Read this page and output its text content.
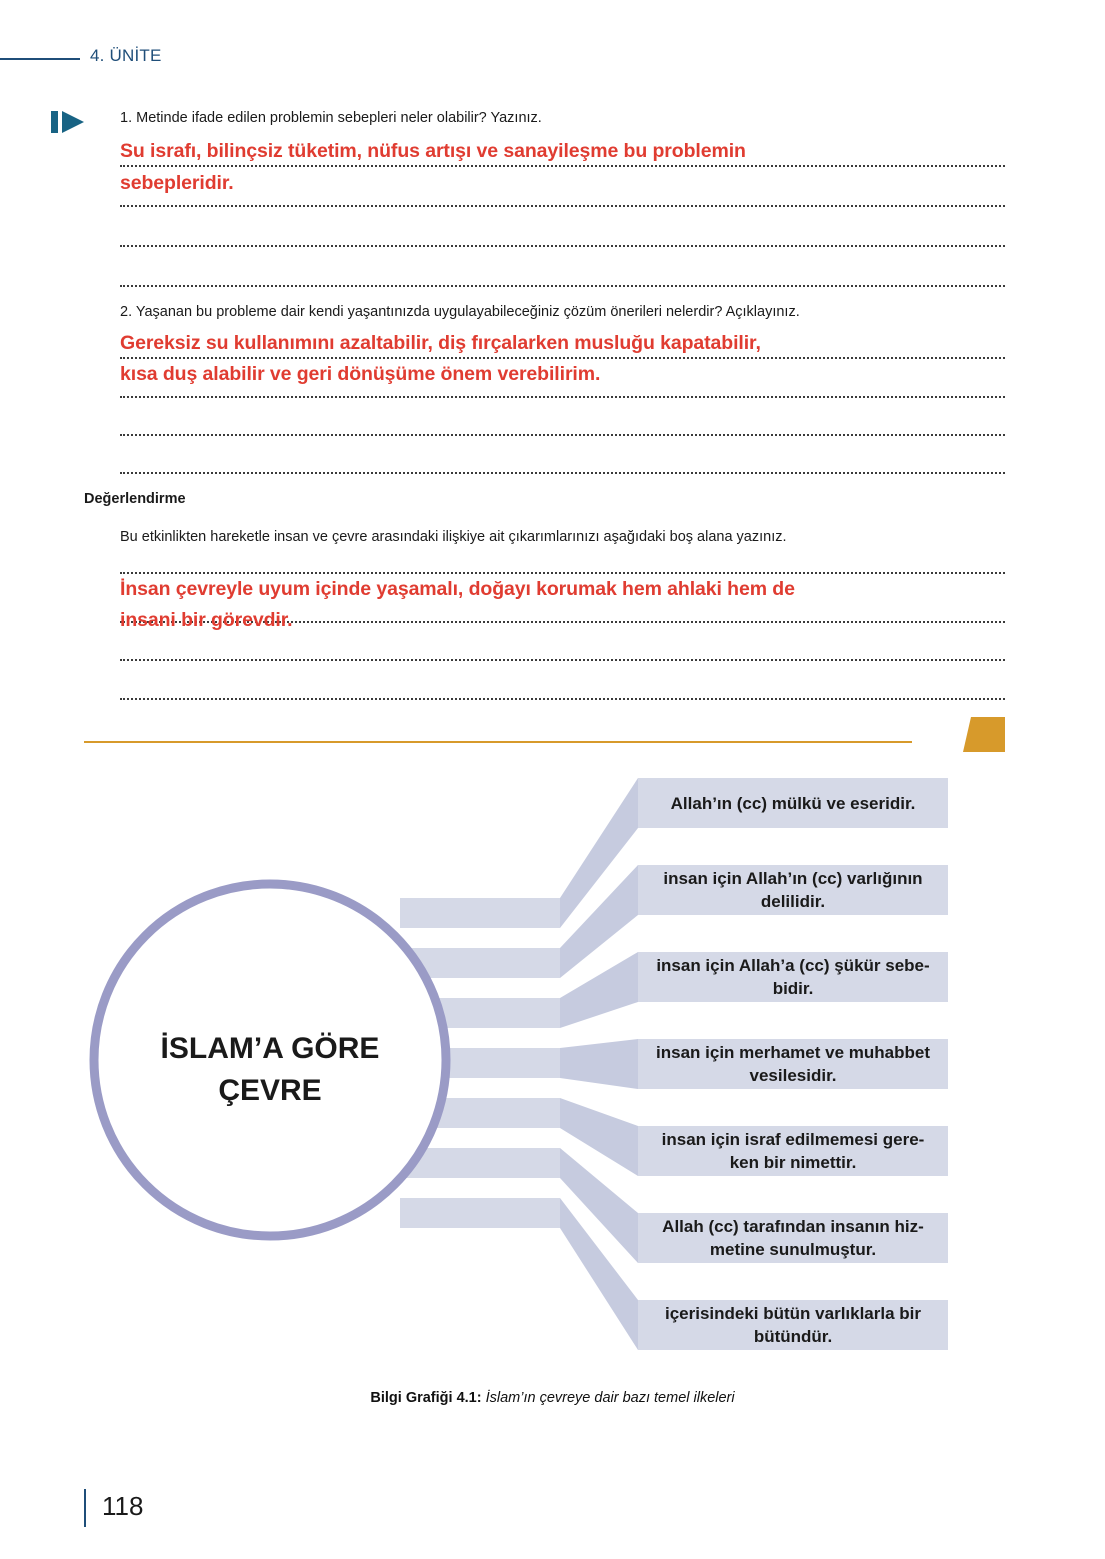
4. ÜNİTE
1. Metinde ifade edilen problemin sebepleri neler olabilir? Yazınız.
Su israfı, bilinçsiz tüketim, nüfus artışı ve sanayileşme bu problemin
sebepleridir.
2. Yaşanan bu probleme dair kendi yaşantınızda uygulayabileceğiniz çözüm önerileri nelerdir? Açıklayınız.
Gereksiz su kullanımını azaltabilir, diş fırçalarken musluğu kapatabilir,
kısa duş alabilir ve geri dönüşüme önem verebilirim.
Değerlendirme
Bu etkinlikten hareketle insan ve çevre arasındaki ilişkiye ait çıkarımlarınızı aşağıdaki boş alana yazınız.
İnsan çevreyle uyum içinde yaşamalı, doğayı korumak hem ahlaki hem de
insani bir görevdir.
İSLAM’A GÖRE
ÇEVRE
Allah’ın (cc) mülkü ve eseridir.
insan için Allah’ın (cc) varlığının
delilidir.
insan için Allah’a (cc) şükür sebe-
bidir.
insan için merhamet ve muhabbet
vesilesidir.
insan için israf edilmemesi gere-
ken bir nimettir.
Allah (cc) tarafından insanın hiz-
metine sunulmuştur.
içerisindeki bütün varlıklarla bir
bütündür.
Bilgi Grafiği 4.1: İslam’ın çevreye dair bazı temel ilkeleri
118
